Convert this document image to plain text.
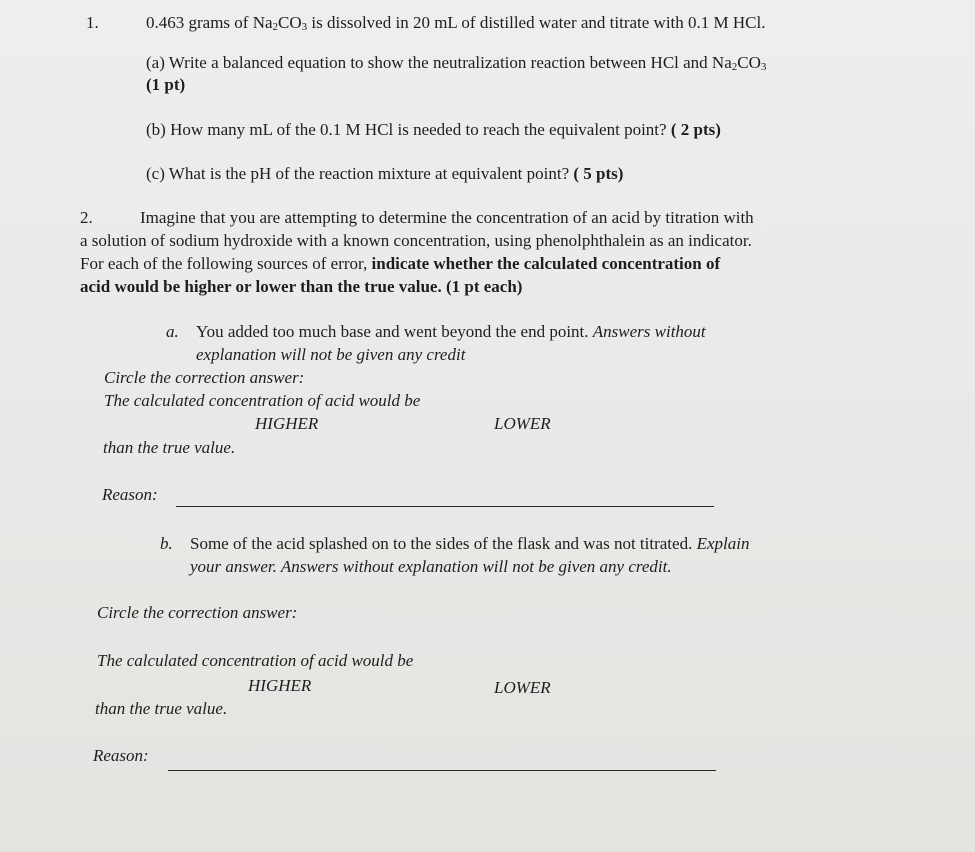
1.	0.463 grams of $Na_2CO_3$ is dissolved in 20 mL of distilled water and titrate with 0.1 M HCl.
(a) Write a balanced equation to show the neutralization reaction between HCl and $Na_2CO_3$
(1 pt)
(b) How many mL of the 0.1 M HCl is needed to reach the equivalent point? ( 2 pts)
(c) What is the pH of the reaction mixture at equivalent point? ( 5 pts)
2.	Imagine that you are attempting to determine the concentration of an acid by titration with
a solution of sodium hydroxide with a known concentration, using phenolphthalein as an indicator.
For each of the following sources of error, indicate whether the calculated concentration of
acid would be higher or lower than the true value. (1 pt each)
a. You added too much base and went beyond the end point. Answers without
explanation will not be given any credit
Circle the correction answer:
The calculated concentration of acid would be
HIGHER	LOWER
than the true value.
Reason:
b. Some of the acid splashed on to the sides of the flask and was not titrated. Explain
your answer. Answers without explanation will not be given any credit.
Circle the correction answer:
The calculated concentration of acid would be
HIGHER	LOWER
than the true value.
Reason:
